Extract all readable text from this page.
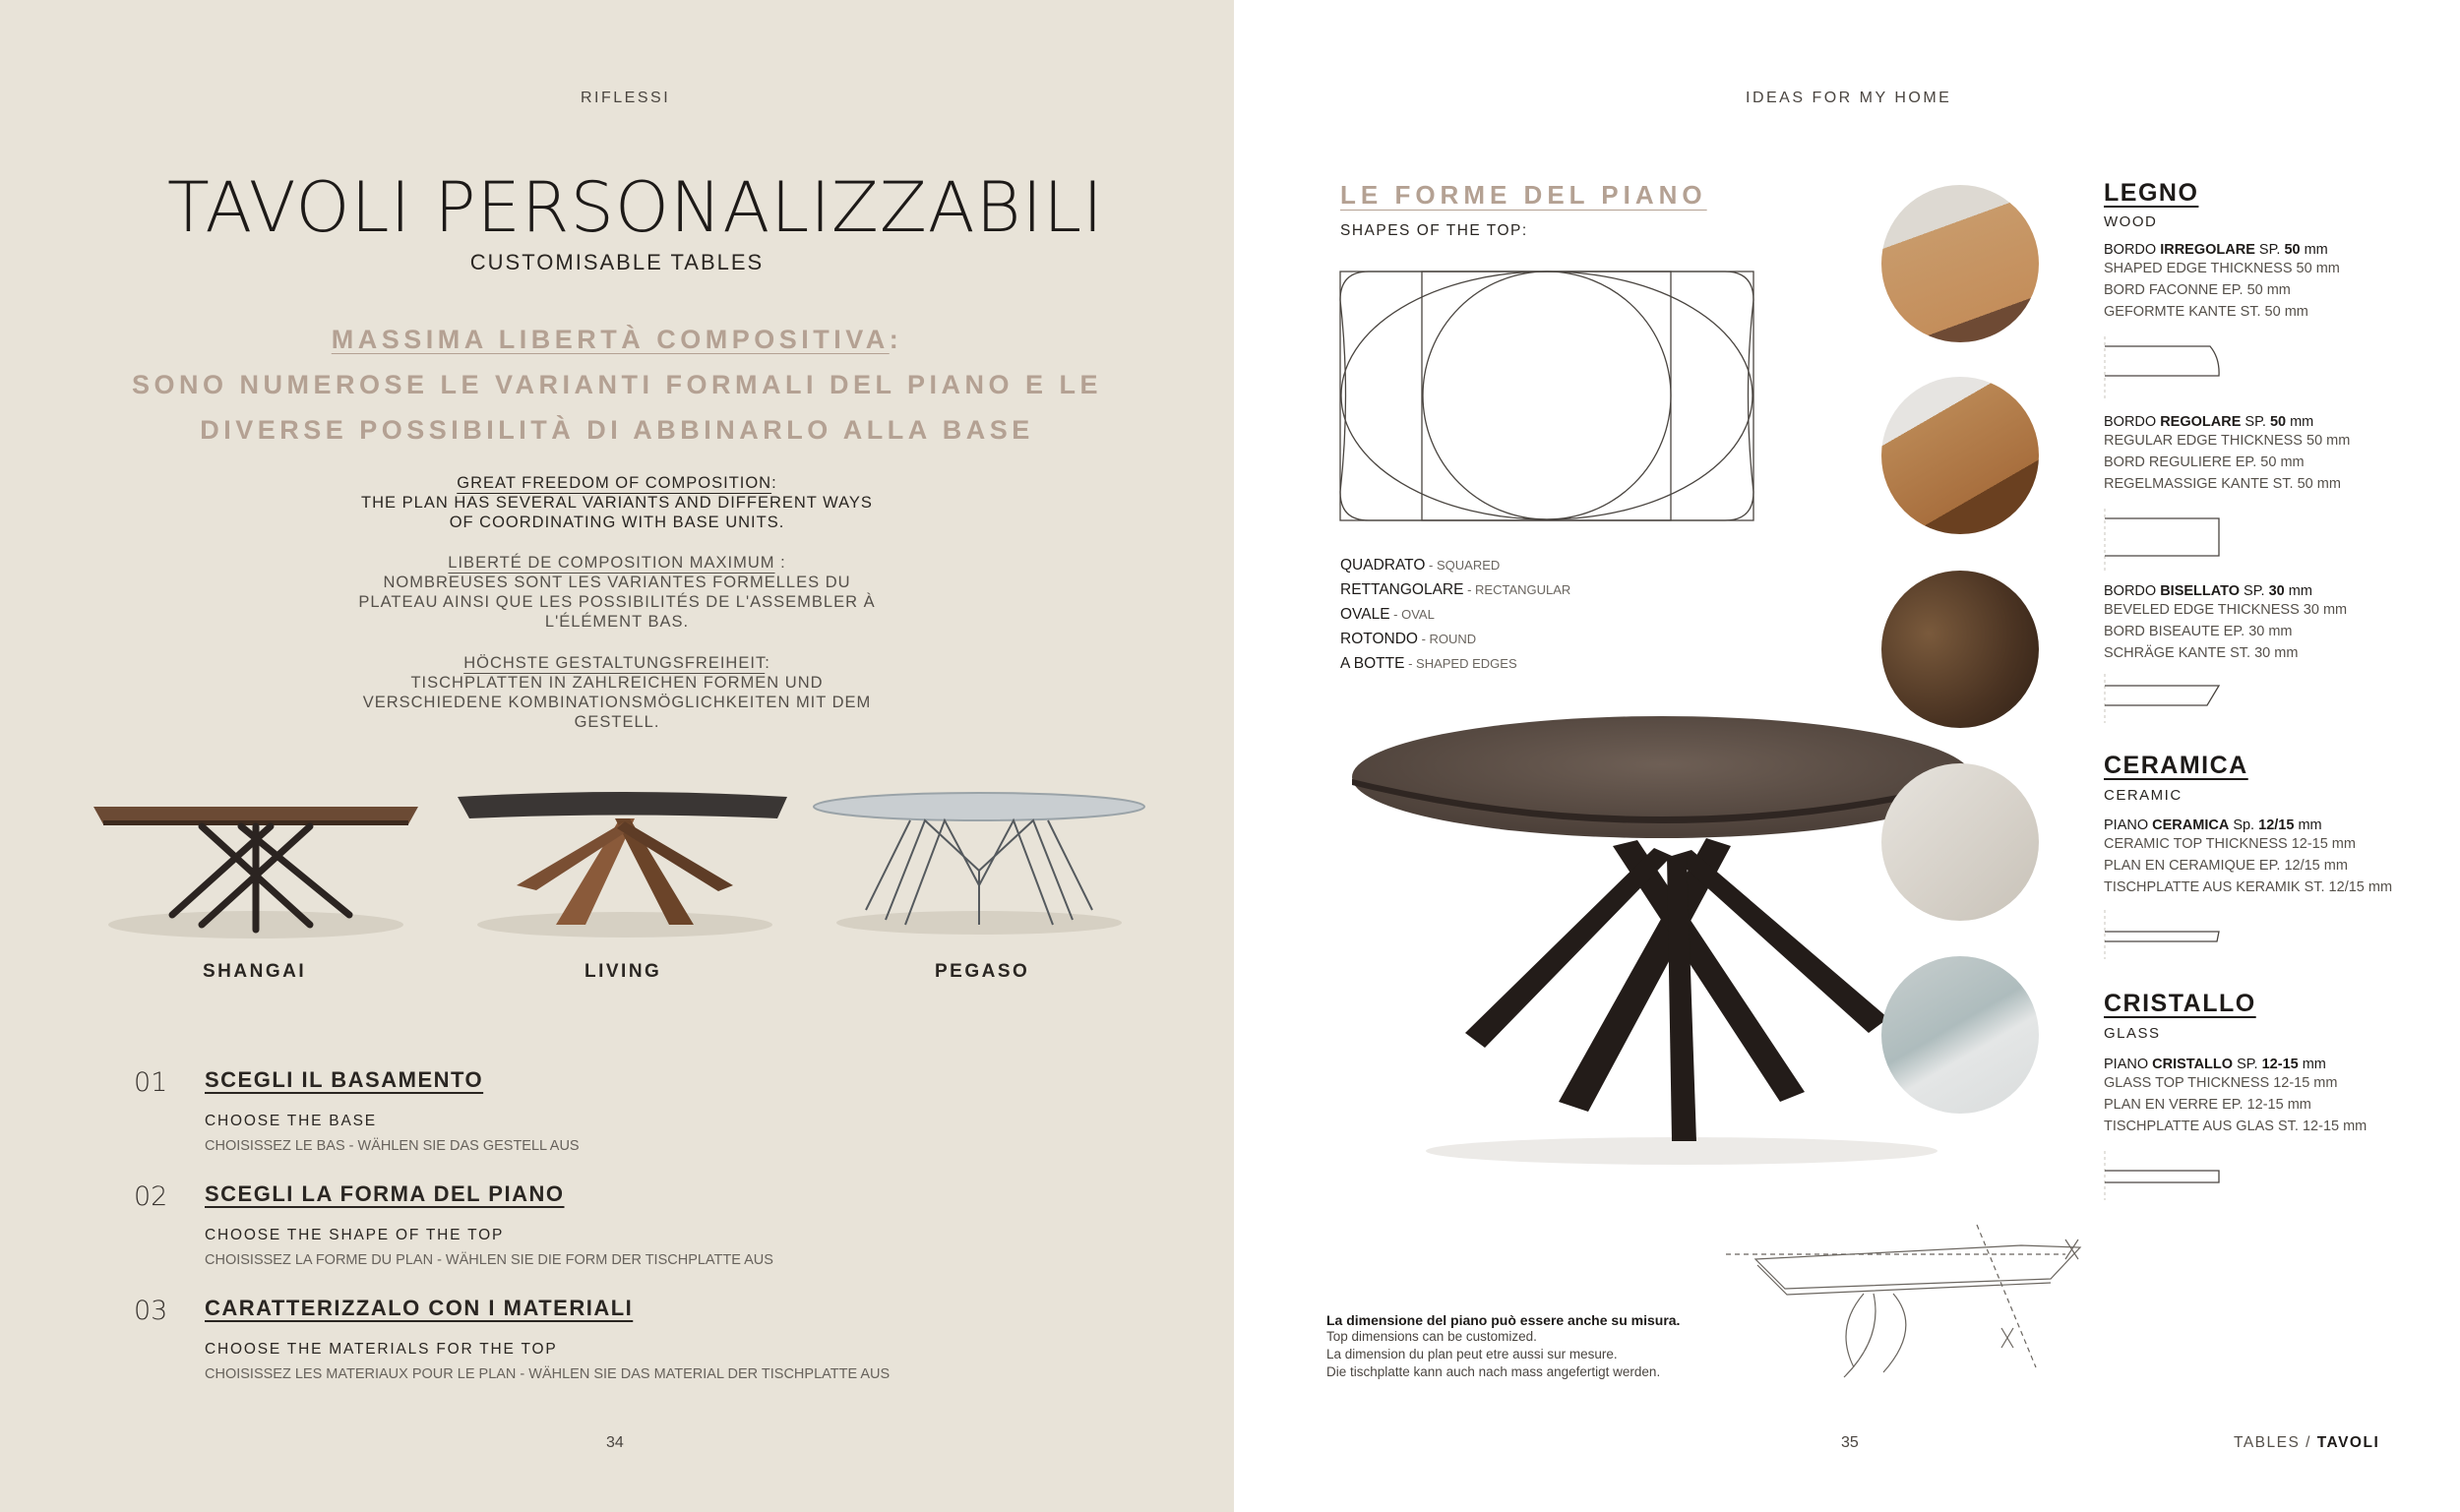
RIFLESSI
TAVOLI PERSONALIZZABILI
CUSTOMISABLE TABLES
MASSIMA LIBERTÀ COMPOSITIVA:
SONO NUMEROSE LE VARIANTI FORMALI DEL PIANO E LE
DIVERSE POSSIBILITÀ DI ABBINARLO ALLA BASE
GREAT FREEDOM OF COMPOSITION:
THE PLAN HAS SEVERAL VARIANTS AND DIFFERENT WAYS
OF COORDINATING WITH BASE UNITS.
LIBERTÉ DE COMPOSITION MAXIMUM :
NOMBREUSES SONT LES VARIANTES FORMELLES DU
PLATEAU AINSI QUE LES POSSIBILITÉS DE L'ASSEMBLER À
L'ÉLÉMENT BAS.
HÖCHSTE GESTALTUNGSFREIHEIT:
TISCHPLATTEN IN ZAHLREICHEN FORMEN UND
VERSCHIEDENE KOMBINATIONSMÖGLICHKEITEN MIT DEM
GESTELL.
SHANGAI	LIVING	PEGASO
01 SCEGLI IL BASAMENTO
CHOOSE THE BASE
CHOISISSEZ LE BAS - WÄHLEN SIE DAS GESTELL AUS
02 SCEGLI LA FORMA DEL PIANO
CHOOSE THE SHAPE OF THE TOP
CHOISISSEZ LA FORME DU PLAN - WÄHLEN SIE DIE FORM DER TISCHPLATTE AUS
03 CARATTERIZZALO CON I MATERIALI
CHOOSE THE MATERIALS FOR THE TOP
CHOISISSEZ LES MATERIAUX POUR LE PLAN - WÄHLEN SIE DAS MATERIAL DER TISCHPLATTE AUS
34
IDEAS FOR MY HOME
LE FORME DEL PIANO
SHAPES OF THE TOP:
QUADRATO - SQUARED
RETTANGOLARE - RECTANGULAR
OVALE - OVAL
ROTONDO - ROUND
A BOTTE - SHAPED EDGES
LEGNO
WOOD
BORDO IRREGOLARE SP. 50 mm
SHAPED EDGE THICKNESS 50 mm
BORD FACONNE EP. 50 mm
GEFORMTE KANTE ST. 50 mm
BORDO REGOLARE SP. 50 mm
REGULAR EDGE THICKNESS 50 mm
BORD REGULIERE EP. 50 mm
REGELMASSIGE KANTE ST. 50 mm
BORDO BISELLATO SP. 30 mm
BEVELED EDGE THICKNESS 30 mm
BORD BISEAUTE EP. 30 mm
SCHRÄGE KANTE ST. 30 mm
CERAMICA
CERAMIC
PIANO CERAMICA Sp. 12/15 mm
CERAMIC TOP THICKNESS 12-15 mm
PLAN EN CERAMIQUE EP. 12/15 mm
TISCHPLATTE AUS KERAMIK ST. 12/15 mm
CRISTALLO
GLASS
PIANO CRISTALLO SP. 12-15 mm
GLASS TOP THICKNESS 12-15 mm
PLAN EN VERRE EP. 12-15 mm
TISCHPLATTE AUS GLAS ST. 12-15 mm
La dimensione del piano può essere anche su misura.
Top dimensions can be customized.
La dimension du plan peut etre aussi sur mesure.
Die tischplatte kann auch nach mass angefertigt werden.
35	TABLES / TAVOLI
